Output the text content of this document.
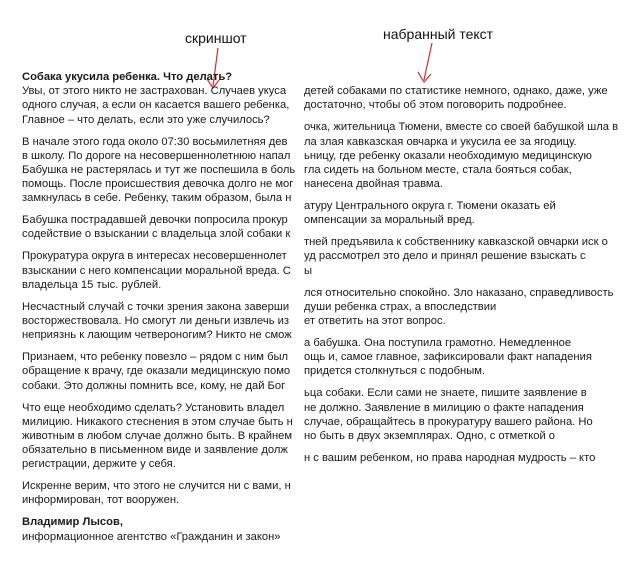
скриншот	набранный текст
Собака укусила ребенка. Что делать?
Увы, от этого никто не застрахован. Случаев укуса
одного случая, а если он касается вашего ребенка,
Главное – что делать, если это уже случилось?
В начале этого года около 07:30 восьмилетняя дев
в школу. По дороге на несовершеннолетнюю напал
Бабушка не растерялась и тут же поспешила в боль
помощь. После происшествия девочка долго не мог
замкнулась в себе. Ребенку, таким образом, была н
Бабушка пострадавшей девочки попросила прокур
содействие о взыскании с владельца злой собаки к
Прокуратура округа в интересах несовершеннолет
взыскании с него компенсации моральной вреда. С
владельца 15 тыс. рублей.
Несчастный случай с точки зрения закона заверши
восторжествовала. Но смогут ли деньги извлечь из
неприязнь к лающим четвероногим? Никто не смож
Признаем, что ребенку повезло – рядом с ним был
обращение к врачу, где оказали медицинскую помо
собаки. Это должны помнить все, кому, не дай Бог
Что еще необходимо сделать? Установить владел
милицию. Никакого стеснения в этом случае быть н
животным в любом случае должно быть. В крайнем
обязательно в письменном виде и заявление долж
регистрации, держите у себя.
Искренне верим, что этого не случится ни с вами, н
информирован, тот вооружен.
Владимир Лысов,
информационное агентство «Гражданин и закон»
детей собаками по статистике немного, однако, даже, уже
достаточно, чтобы об этом поговорить подробнее.
очка, жительница Тюмени, вместе со своей бабушкой шла в
ла злая кавказская овчарка и укусила ее за ягодицу.
ьницу, где ребенку оказали необходимую медицинскую
гла сидеть на больном месте, стала бояться собак,
нанесена двойная травма.
атуру Центрального округа г. Тюмени оказать ей
омпенсации за моральный вред.
тней предъявила к собственнику кавказской овчарки иск о
уд рассмотрел это дело и принял решение взыскать с
ы
лся относительно спокойно. Зло наказано, справедливость
души ребенка страх, а впоследствии
ет ответить на этот вопрос.
а бабушка. Она поступила грамотно. Немедленное
ощь и, самое главное, зафиксировали факт нападения
придется столкнуться с подобным.
ьца собаки. Если сами не знаете, пишите заявление в
не должно. Заявление в милицию о факте нападения
случае, обращайтесь в прокуратуру вашего района. Но
но быть в двух экземплярах. Одно, с отметкой о
н с вашим ребенком, но права народная мудрость – кто
